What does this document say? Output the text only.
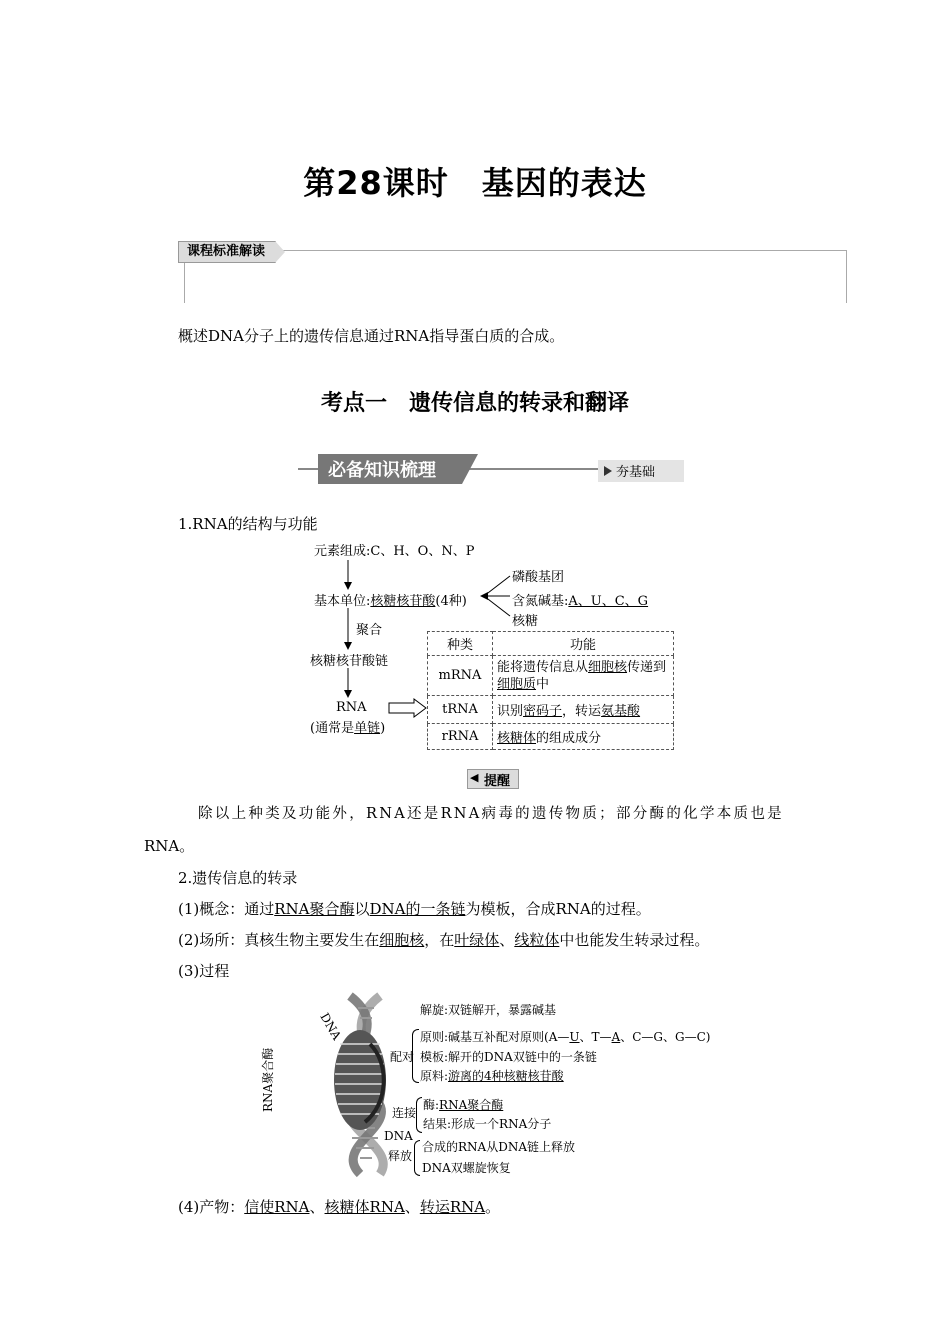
第28课时　基因的表达
课程标准解读
概述DNA分子上的遗传信息通过RNA指导蛋白质的合成。
考点一　遗传信息的转录和翻译
必备知识梳理	夯基础
1.RNA的结构与功能
元素组成:C、H、O、N、P
基本单位:核糖核苷酸(4种)
磷酸基团
含氮碱基:A、U、C、G
核糖
聚合
核糖核苷酸链
RNA
(通常是单链)
种类	功能
mRNA	能将遗传信息从细胞核传递到细胞质中
tRNA	识别密码子，转运氨基酸
rRNA	核糖体的组成成分
◀ 提醒
除以上种类及功能外，RNA还是RNA病毒的遗传物质；部分酶的化学本质也是
RNA。
2.遗传信息的转录
(1)概念：通过RNA聚合酶以DNA的一条链为模板，合成RNA的过程。
(2)场所：真核生物主要发生在细胞核，在叶绿体、线粒体中也能发生转录过程。
(3)过程
DNA
RNA聚合酶
DNA
解旋:双链解开，暴露碱基
配对
原则:碱基互补配对原则(A—U、T—A、C—G、G—C)
模板:解开的DNA双链中的一条链
原料:游离的4种核糖核苷酸
连接
酶:RNA聚合酶
结果:形成一个RNA分子
释放
合成的RNA从DNA链上释放
DNA双螺旋恢复
(4)产物：信使RNA、核糖体RNA、转运RNA。
